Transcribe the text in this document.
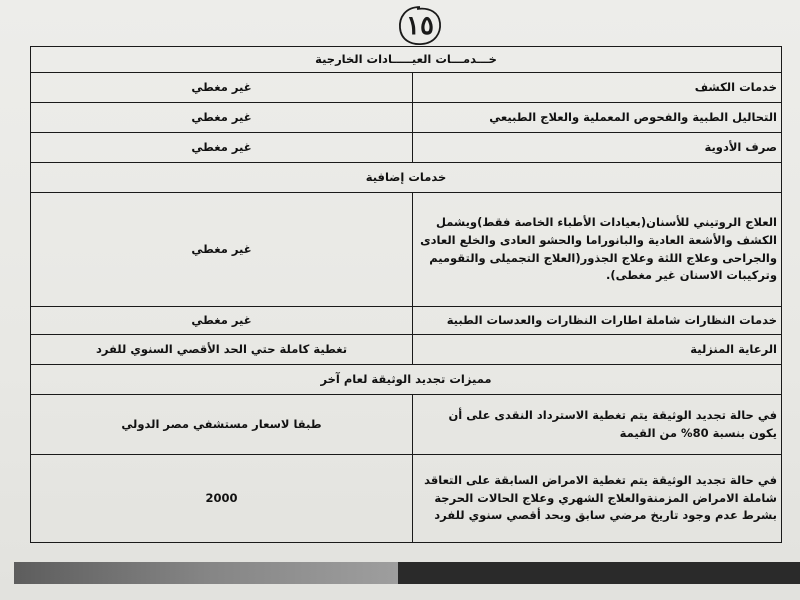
١٥
خـــدمـــات العيـــــادات الخارجية	
خدمات الكشف	غير مغطي
التحاليل الطبية والفحوص المعملية والعلاج الطبيعي	غير مغطي
صرف الأدوية	غير مغطي
خدمات إضافية	
العلاج الروتيني للأسنان(بعيادات الأطباء الخاصة فقط)ويشمل الكشف والأشعة العادية والبانوراما والحشو العادى والخلع العادى والجراحى وعلاج اللثة وعلاج الجذور(العلاج التجميلى والتقوميم وتركيبات الاسنان غير مغطى).	غير مغطي
خدمات النظارات شاملة اطارات النظارات والعدسات الطبية	غير مغطي
الرعاية المنزلية	تغطية كاملة حتي الحد الأقصي السنوي للفرد
مميزات تجديد الوثيقة لعام آخر	
في حالة تجديد الوثيقة يتم تغطية الاسترداد النقدى على أن يكون بنسبة 80% من القيمة	طبقا لاسعار مستشفي مصر الدولي
في حالة تجديد الوثيقة يتم تغطية الامراض السابقة على التعاقد شاملة الامراض المزمنةوالعلاج الشهري وعلاج الحالات الحرجة بشرط عدم وجود تاريخ مرضي سابق وبحد أقصي سنوي للفرد	2000
